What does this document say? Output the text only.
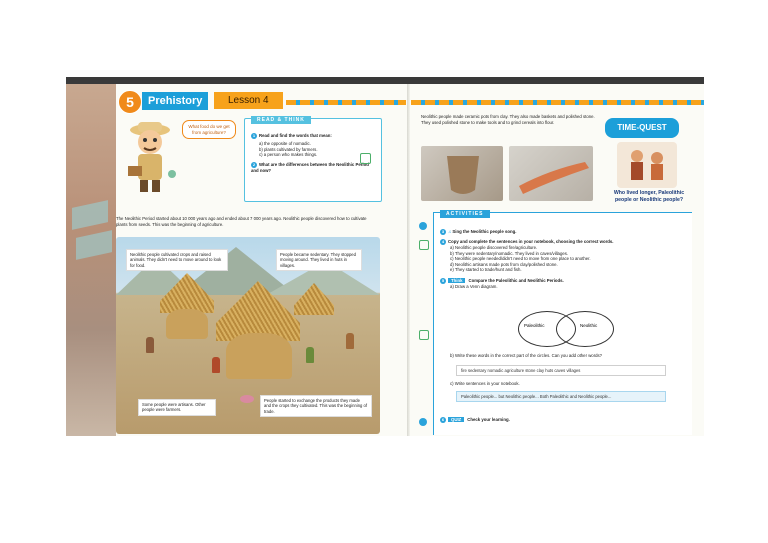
5	Prehistory	Lesson 4
What food do we get from agriculture?
READ & THINK
1 Read and find the words that mean:
a) the opposite of nomadic.
b) plants cultivated by farmers.
c) a person who makes things.
2 What are the differences between the Neolithic Period and now?
The Neolithic Period started about 10 000 years ago and ended about 7 000 years ago. Neolithic people discovered how to cultivate plants from seeds. This was the beginning of agriculture.
Neolithic people cultivated crops and raised animals. They didn't need to move around to look for food.
People became sedentary. They stopped moving around. They lived in huts in villages.
Some people were artisans. Other people were farmers.
People started to exchange the products they made and the crops they cultivated. This was the beginning of trade.
Neolithic people made ceramic pots from clay. They also made baskets and polished stone. They used polished stone to make tools and to grind cereals into flour.
TIME-QUEST
Who lived longer, Paleolithic people or Neolithic people?
ACTIVITIES
3 ♫ Sing the Neolithic people song.
4 Copy and complete the sentences in your notebook, choosing the correct words.
a) Neolithic people discovered fire/agriculture.
b) They were sedentary/nomadic. They lived in caves/villages.
c) Neolithic people needed/didn't need to move from one place to another.
d) Neolithic artisans made pots from clay/polished stone.
e) They started to trade/hunt and fish.
5 Think Compare the Paleolithic and Neolithic Periods.
a) Draw a Venn diagram.
Paleolithic	Neolithic
b) Write these words in the correct part of the circles. Can you add other words?
fire sedentary nomadic agriculture stone clay huts caves villages
c) Write sentences in your notebook.
Paleolithic people... but Neolithic people... Both Paleolithic and Neolithic people...
6 QUIZ Check your learning.
